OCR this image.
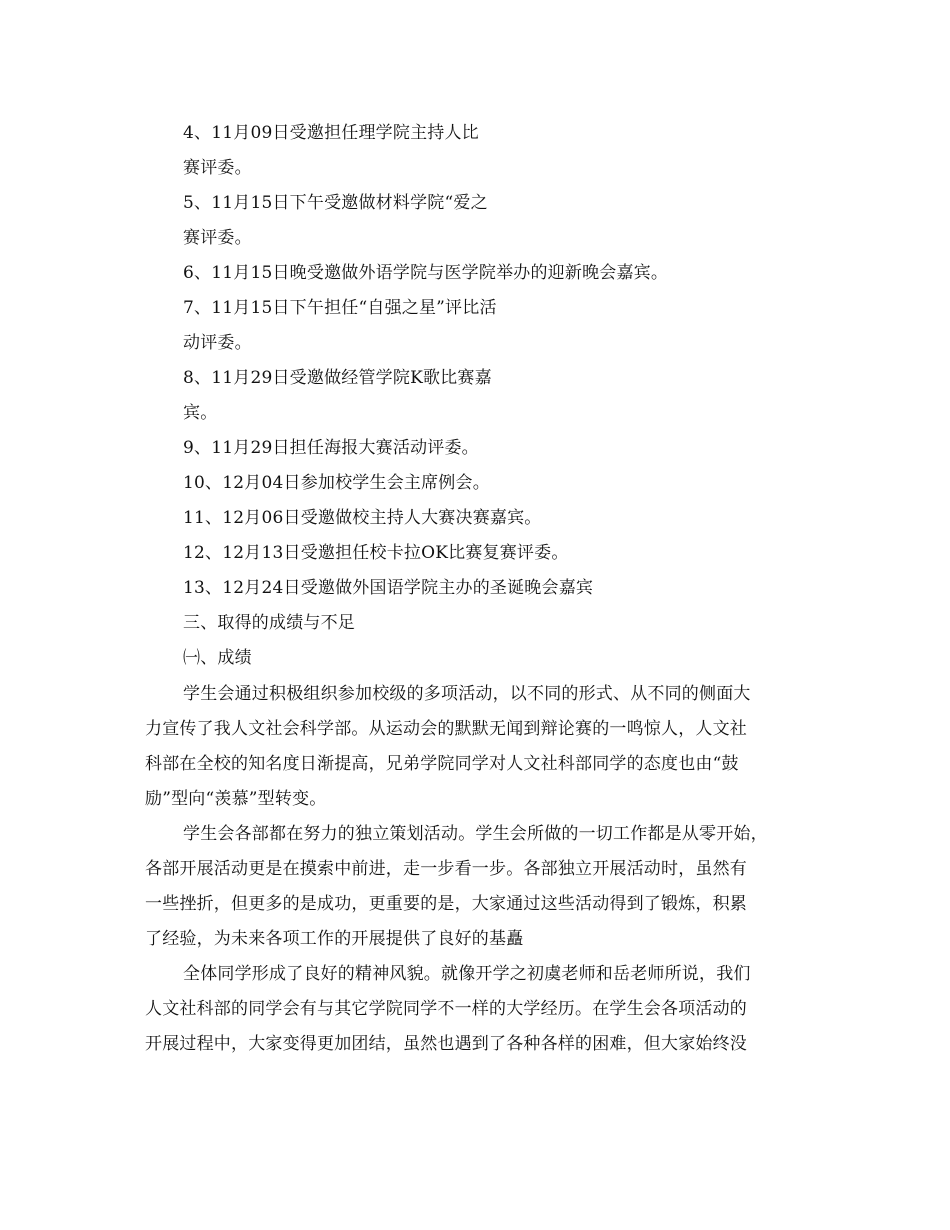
4、11月09日受邀担任理学院主持人比
赛评委。
5、11月15日下午受邀做材料学院“爱之
赛评委。
6、11月15日晚受邀做外语学院与医学院举办的迎新晚会嘉宾。
7、11月15日下午担任“自强之星”评比活
动评委。
8、11月29日受邀做经管学院K歌比赛嘉
宾。
9、11月29日担任海报大赛活动评委。
10、12月04日参加校学生会主席例会。
11、12月06日受邀做校主持人大赛决赛嘉宾。
12、12月13日受邀担任校卡拉OK比赛复赛评委。
13、12月24日受邀做外国语学院主办的圣诞晚会嘉宾
三、取得的成绩与不足
㈠、成绩
学生会通过积极组织参加校级的多项活动，以不同的形式、从不同的侧面大
力宣传了我人文社会科学部。从运动会的默默无闻到辩论赛的一鸣惊人，人文社
科部在全校的知名度日渐提高，兄弟学院同学对人文社科部同学的态度也由“鼓
励”型向“羡慕”型转变。
学生会各部都在努力的独立策划活动。学生会所做的一切工作都是从零开始，
各部开展活动更是在摸索中前进，走一步看一步。各部独立开展活动时，虽然有
一些挫折，但更多的是成功，更重要的是，大家通过这些活动得到了锻炼，积累
了经验，为未来各项工作的开展提供了良好的基矗
全体同学形成了良好的精神风貌。就像开学之初虞老师和岳老师所说，我们
人文社科部的同学会有与其它学院同学不一样的大学经历。在学生会各项活动的
开展过程中，大家变得更加团结，虽然也遇到了各种各样的困难，但大家始终没
